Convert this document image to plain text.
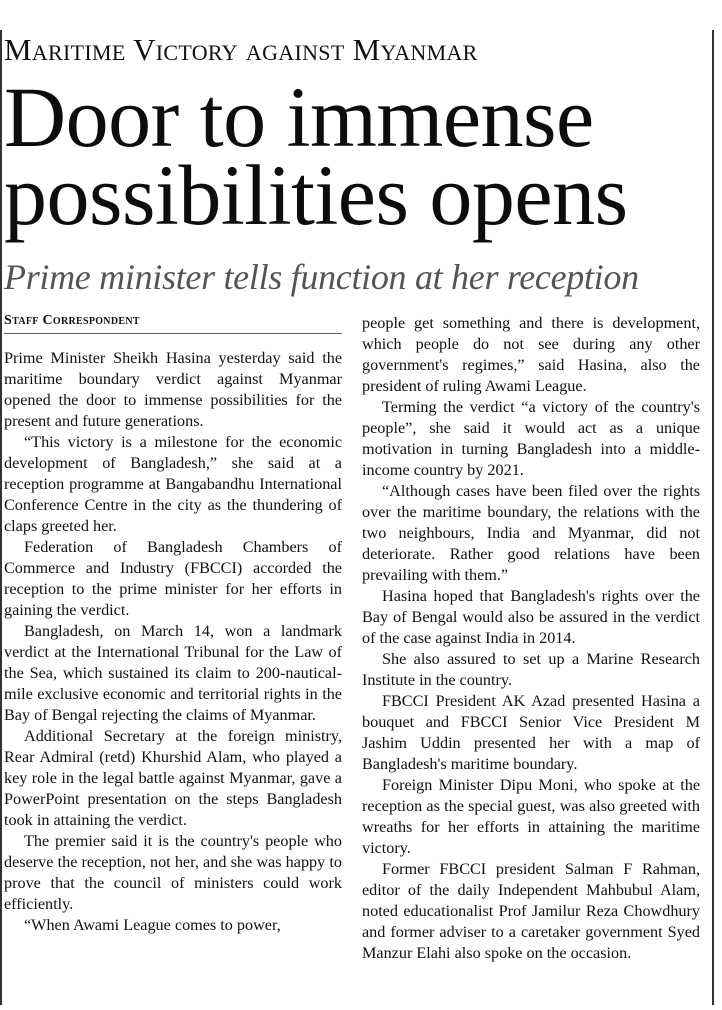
Maritime Victory against Myanmar
Door to immense possibilities opens
Prime minister tells function at her reception
Staff Correspondent

Prime Minister Sheikh Hasina yesterday said the maritime boundary verdict against Myanmar opened the door to immense possibilities for the present and future generations.

“This victory is a milestone for the economic development of Bangladesh,” she said at a reception programme at Bangabandhu International Conference Centre in the city as the thundering of claps greeted her.

Federation of Bangladesh Chambers of Commerce and Industry (FBCCI) accorded the reception to the prime minister for her efforts in gaining the verdict.

Bangladesh, on March 14, won a landmark verdict at the International Tribunal for the Law of the Sea, which sustained its claim to 200-nautical-mile exclusive economic and territorial rights in the Bay of Bengal rejecting the claims of Myanmar.

Additional Secretary at the foreign ministry, Rear Admiral (retd) Khurshid Alam, who played a key role in the legal battle against Myanmar, gave a PowerPoint presentation on the steps Bangladesh took in attaining the verdict.

The premier said it is the country's people who deserve the reception, not her, and she was happy to prove that the council of ministers could work efficiently.

“When Awami League comes to power,

people get something and there is development, which people do not see during any other government's regimes,” said Hasina, also the president of ruling Awami League.

Terming the verdict “a victory of the country's people”, she said it would act as a unique motivation in turning Bangladesh into a middle-income country by 2021.

“Although cases have been filed over the rights over the maritime boundary, the relations with the two neighbours, India and Myanmar, did not deteriorate. Rather good relations have been prevailing with them.”

Hasina hoped that Bangladesh's rights over the Bay of Bengal would also be assured in the verdict of the case against India in 2014.

She also assured to set up a Marine Research Institute in the country.

FBCCI President AK Azad presented Hasina a bouquet and FBCCI Senior Vice President M Jashim Uddin presented her with a map of Bangladesh's maritime boundary.

Foreign Minister Dipu Moni, who spoke at the reception as the special guest, was also greeted with wreaths for her efforts in attaining the maritime victory.

Former FBCCI president Salman F Rahman, editor of the daily Independent Mahbubul Alam, noted educationalist Prof Jamilur Reza Chowdhury and former adviser to a caretaker government Syed Manzur Elahi also spoke on the occasion.
